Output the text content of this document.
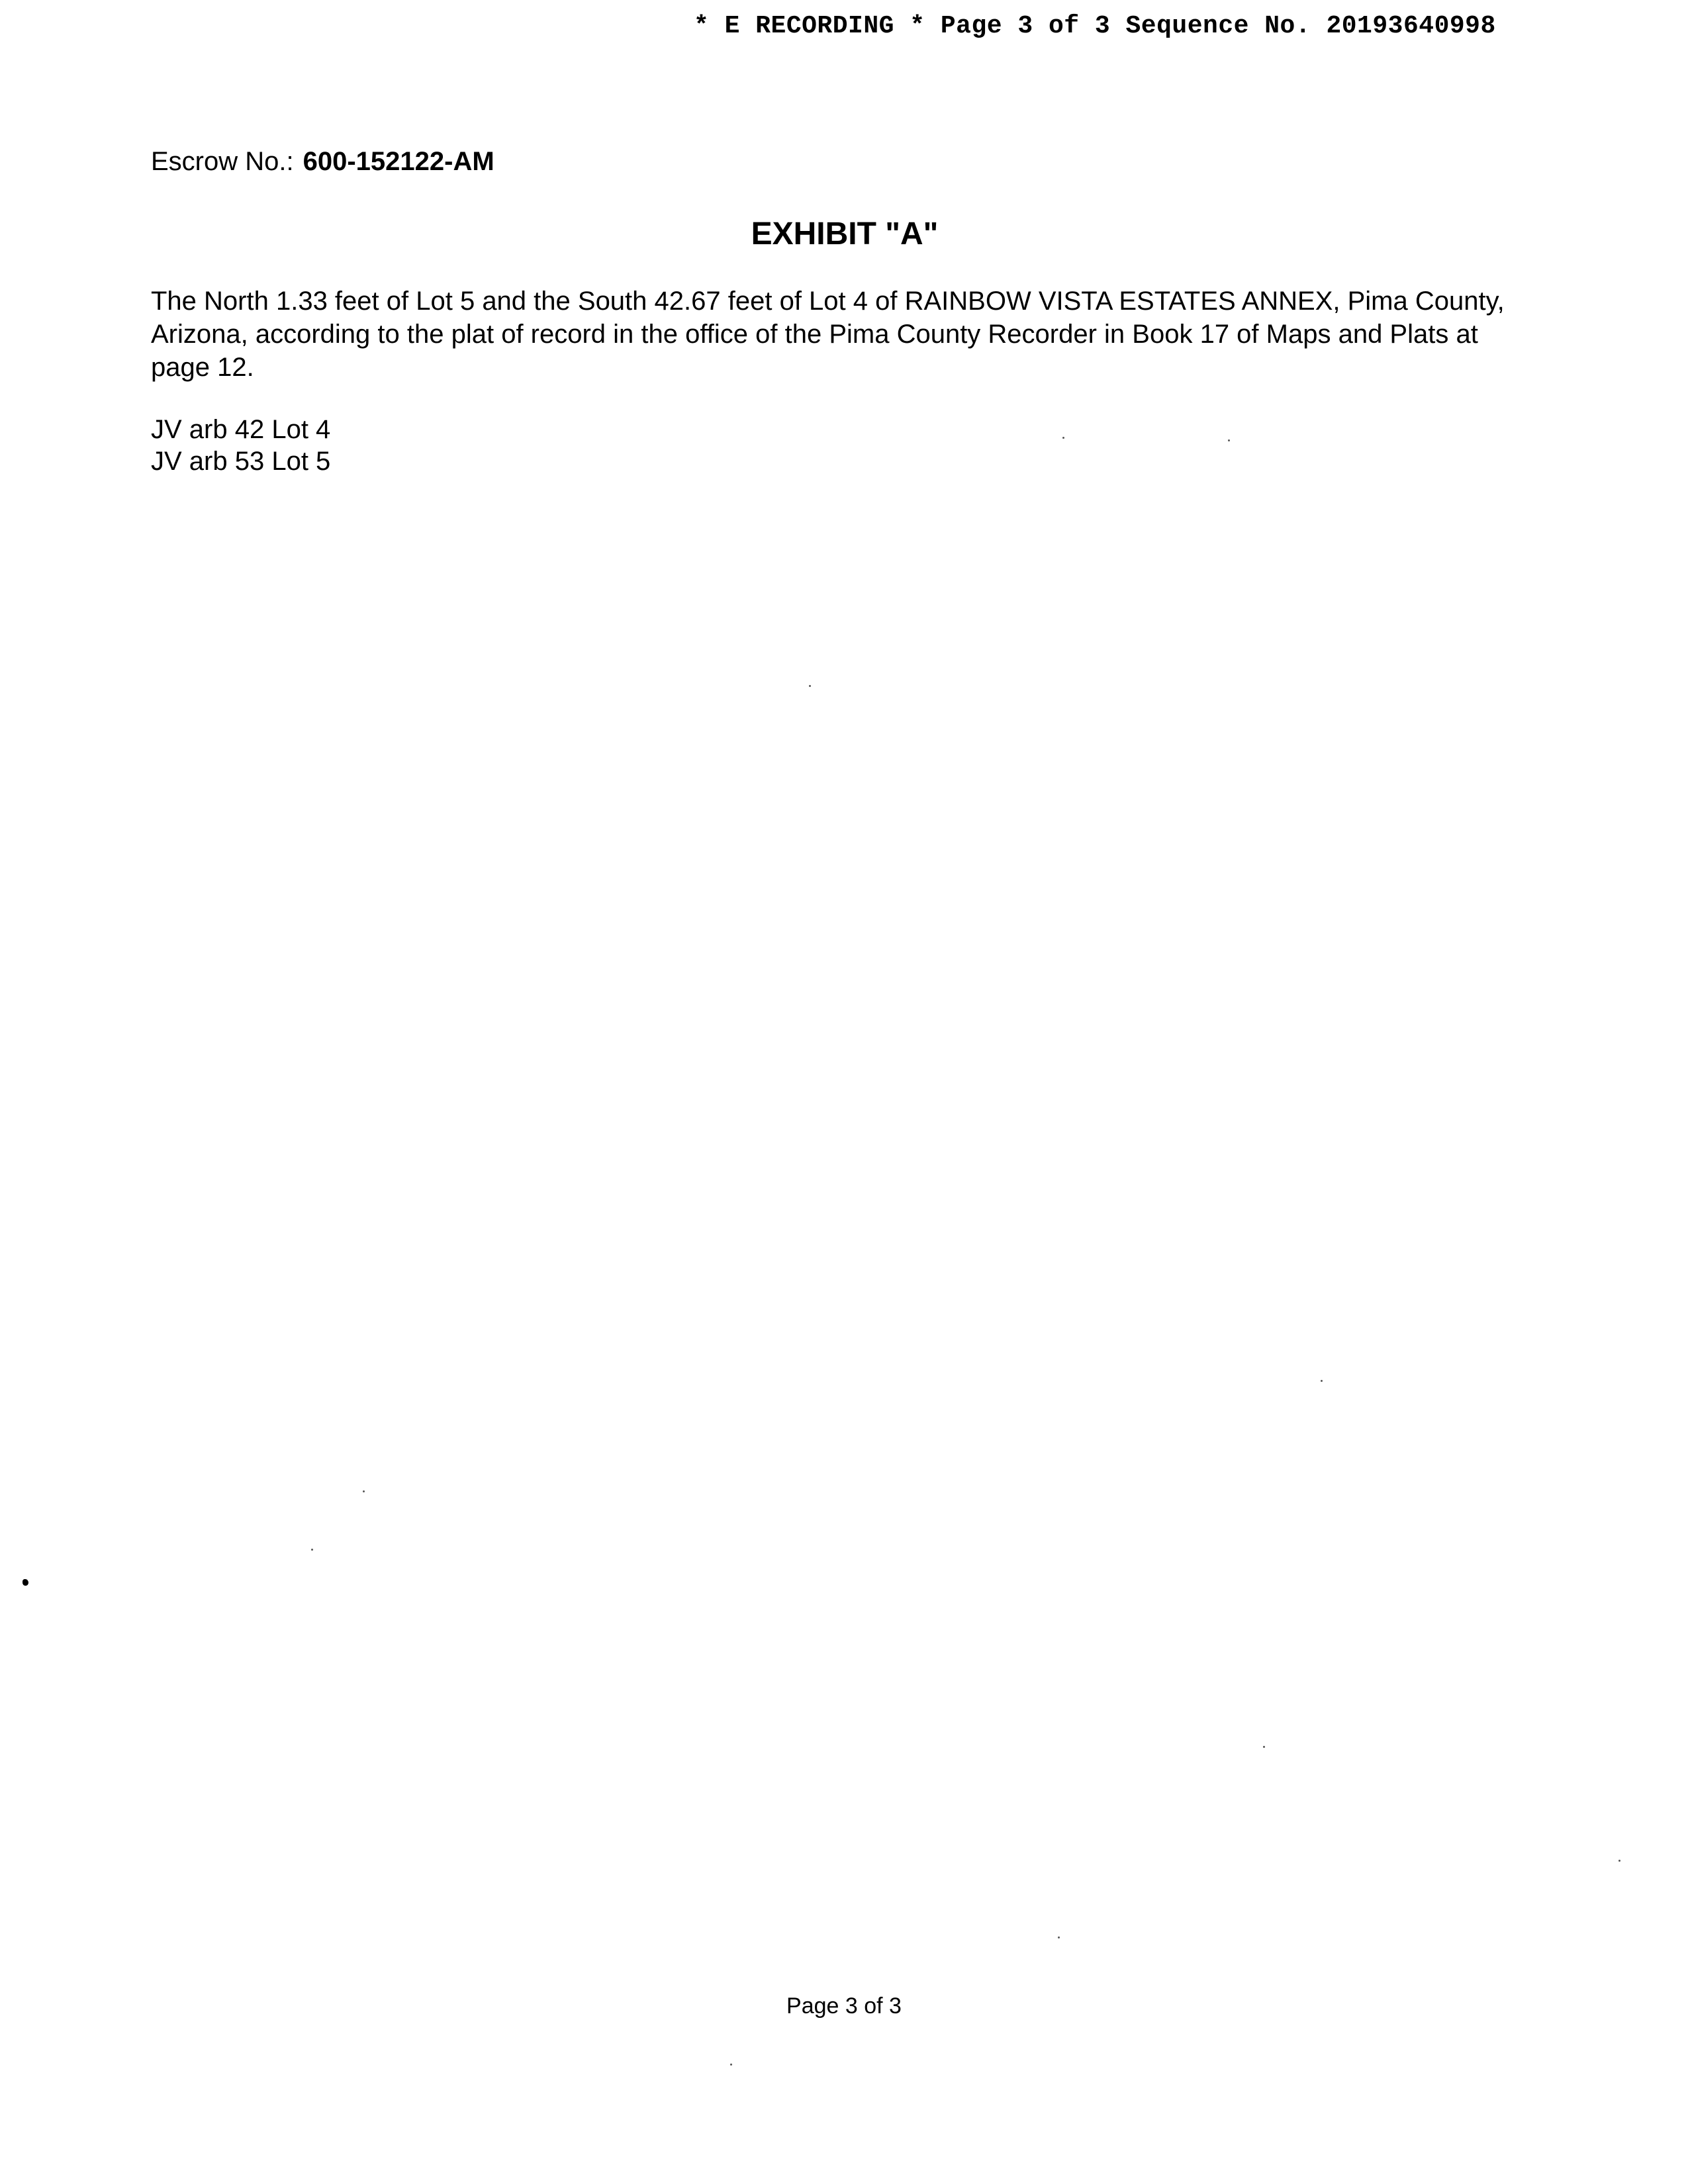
* E RECORDING * Page 3 of 3 Sequence No. 20193640998
Escrow No.: 600-152122-AM
EXHIBIT "A"
The North 1.33 feet of Lot 5 and the South 42.67 feet of Lot 4 of RAINBOW VISTA ESTATES ANNEX, Pima County, Arizona, according to the plat of record in the office of the Pima County Recorder in Book 17 of Maps and Plats at page 12.
JV arb 42 Lot 4
JV arb 53 Lot 5
Page 3 of 3
